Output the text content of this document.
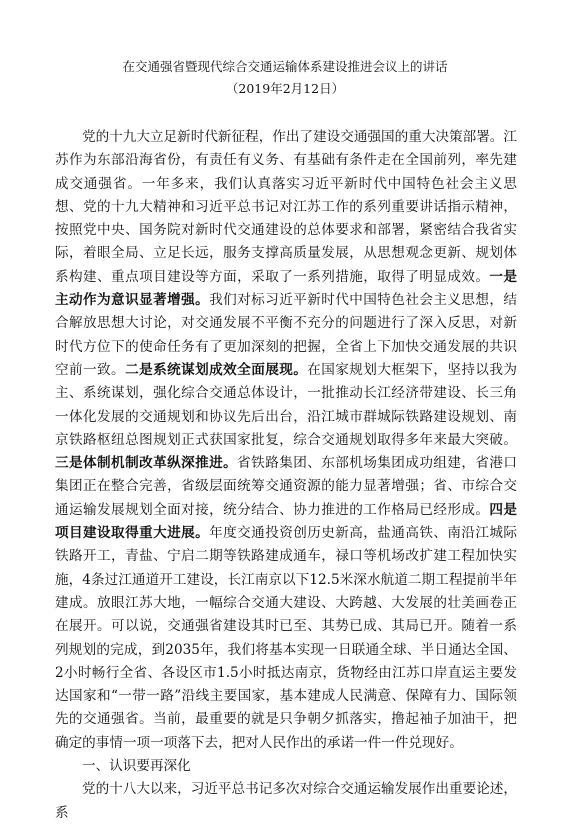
在交通强省暨现代综合交通运输体系建设推进会议上的讲话
（2019年2月12日）

党的十九大立足新时代新征程，作出了建设交通强国的重大决策部署。江苏作为东部沿海省份，有责任有义务、有基础有条件走在全国前列，率先建成交通强省。一年多来，我们认真落实习近平新时代中国特色社会主义思想、党的十九大精神和习近平总书记对江苏工作的系列重要讲话指示精神，按照党中央、国务院对新时代交通建设的总体要求和部署，紧密结合我省实际，着眼全局、立足长远，服务支撑高质量发展，从思想观念更新、规划体系构建、重点项目建设等方面，采取了一系列措施，取得了明显成效。一是主动作为意识显著增强。我们对标习近平新时代中国特色社会主义思想，结合解放思想大讨论，对交通发展不平衡不充分的问题进行了深入反思，对新时代方位下的使命任务有了更加深刻的把握，全省上下加快交通发展的共识空前一致。二是系统谋划成效全面展现。在国家规划大框架下，坚持以我为主、系统谋划，强化综合交通总体设计，一批推动长江经济带建设、长三角一体化发展的交通规划和协议先后出台，沿江城市群城际铁路建设规划、南京铁路枢纽总图规划正式获国家批复，综合交通规划取得多年来最大突破。三是体制机制改革纵深推进。省铁路集团、东部机场集团成功组建，省港口集团正在整合完善，省级层面统筹交通资源的能力显著增强；省、市综合交通运输发展规划全面对接，统分结合、协力推进的工作格局已经形成。四是项目建设取得重大进展。年度交通投资创历史新高，盐通高铁、南沿江城际铁路开工，青盐、宁启二期等铁路建成通车，禄口等机场改扩建工程加快实施，4条过江通道开工建设，长江南京以下12.5米深水航道二期工程提前半年建成。放眼江苏大地，一幅综合交通大建设、大跨越、大发展的壮美画卷正在展开。可以说，交通强省建设其时已至、其势已成、其局已开。随着一系列规划的完成，到2035年，我们将基本实现一日联通全球、半日通达全国、2小时畅行全省、各设区市1.5小时抵达南京，货物经由江苏口岸直运主要发达国家和“一带一路”沿线主要国家，基本建成人民满意、保障有力、国际领先的交通强省。当前，最重要的就是只争朝夕抓落实，撸起袖子加油干，把确定的事情一项一项落下去，把对人民作出的承诺一件一件兑现好。

一、认识要再深化

党的十八大以来，习近平总书记多次对综合交通运输发展作出重要论述，系
